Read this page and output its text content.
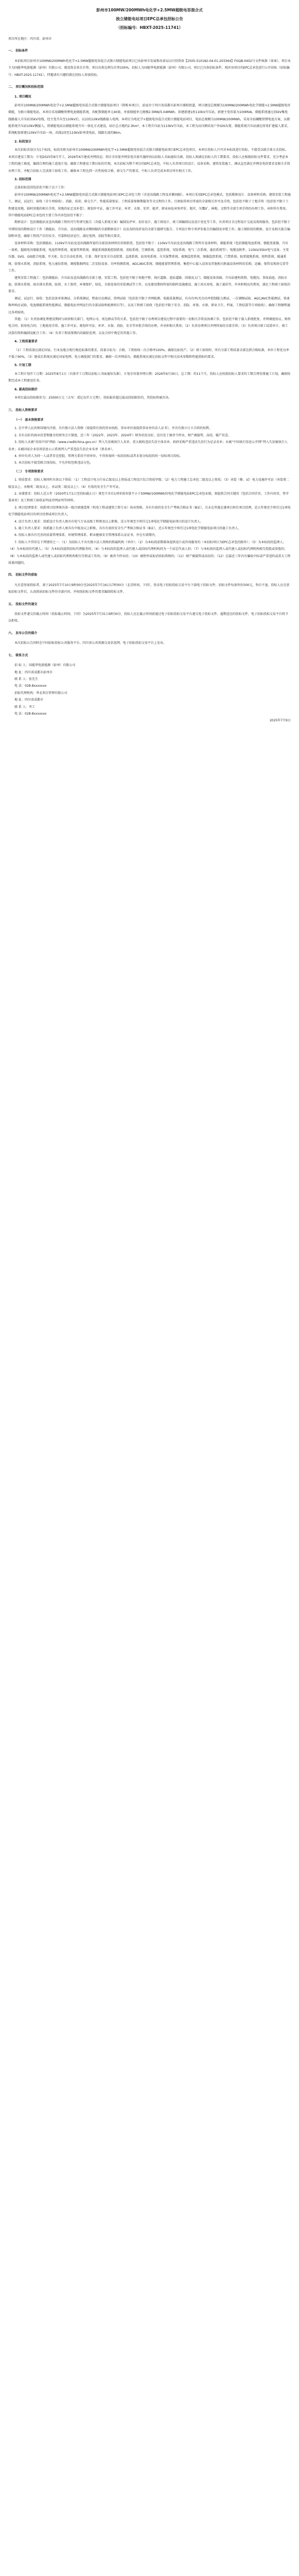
彭州市100MW/200MWh电化学+2.5MW超级电容混合式
独立储能电站项目EPC总承包招标公告
（招标编号：HBXT-2025-11741）

项目所在地区：四川省，彭州市

一、 招标条件

本招标项目彭州市100MW/200MWh电化学+2.5MW超级电容混合式独立储能电站项目已由彭州市发展和改革局以川投资备【2505-510182-04-01-203364】FGQB-0402号文件核准（备案），项目业主为国能华电新能源（彭州）有限公司，建设资金来自自筹，项目出资比例为自筹100%。招标人为国能华电新能源（彭州）有限公司。项目已具备招标条件，现对该项目的EPC总承包进行公开招标（招标编号：HBXT-2025-11741），特邀请有兴趣的潜在投标人参加投标。

二、 项目概况和招标范围

1. 项目概况

彭州市100MW/200MWh电化学+2.5MW超级电容混合式独立储能电站项目（简称本项目），站址位于四川省成都市彭州市濛阳街道，项目建设总规模为100MW/200MWh电化学储能+2.5MW超级电容储能，为独立储能电站，本项目采用磷酸铁锂电池储能系统，共配置储能单元40套，单套储能单元规模2.5MW/5.04MWh。拟建新建1座110kV升压站，新建主变容量为100MVA，储能系统通过35kV集电线路接入升压站35kV母线，经主变升压至110kV后，以1回110kV线路接入电网。本项目为电化学+超级电容混合式独立储能电站项目，电站总规模为100MW/200MWh，采用全站磷酸铁锂电池方案，以储能系统升压站10kV侧接入，将储能电站以储能系统升压一体化方式建设，站区总占地约2.3hm²，本工程升压站为110kV升压站，本工程为高压侧采用户外GIS布置，储能系统升压站满足将来扩建接入要求，系统配套新建110kV升压站一座，出线1回至110kV彭州变电站，线路长度约8km。

2. 标段划分

本次招标共划分为1个标段，标段名称为彭州市100MW/200MWh电化学+2.5MW超级电容混合式独立储能电站项目EPC总承包项目，本项目投标人只可对本标段进行投标，不接受以联合体方式投标。本项目建设工期为：计划2025年8月开工，2026年6月建成并网投运；项目全容量并网发电具体实施时间以招标人书面通知为准，投标人须满足招标人的工期要求。投标人应根据招标文件要求，充分考虑本工程的施工难度，编制合理的施工进度计划，确保工程建设工期目标的实现。本次招标为整个项目的EPC总承包，中标人负责项目的设计、设备采购、建筑安装施工、调试直至满足并网发电的要求及相关手续办理工作，并配合招标人完成竣工验收工作，确保本工程达到一次性验收合格、移交生产的要求，中标人负责完成本项目所有相关工作。

3. 招标范围

总体招标范围包括但不限于以下工作：

彭州市100MW/200MWh电化学+2.5MW超级电容混合式独立储能电站项目EPC总承包工程（含送出线路工程及对侧间隔），本项目采用EPC总承包模式，包括勘察设计、设备材料采购、建筑安装工程施工、调试、试运行、验收（含专项验收）、消缺、培训、移交生产、性能质量保证、工程质量保修期服务等全过程的工作，且须取得项目所需的全部相关许可及手续，包括但不限于土地手续（包括但不限于工程建设用地、临时用地的相关手续、用地的征迁及补偿）、规划许可证、施工许可证、环评、水保、安评、能评、职业病危害预评价、地灾、压覆矿、林地、文物等全部专项手续的办理工作，承担所有费用。其中储能电站EPC总承包的主要工作内容包括但不限于：

勘察设计：包括储能站及送出线路工程的可行性研究报告（含接入系统方案）编制及评审、初步设计、施工图设计、竣工图编制以及设计优化等工作，负责项目全过程设计交底及现场服务，包括但不限于可研阶段的勘察设计工作（储能站、升压站、送出线路及对侧间隔的全部勘察设计）以及各阶段涉及的全部专题研究报告、专项设计和专项评价报告的编制及审批工作；施工图阶段的勘察、设计及相关报告编制和审查，确保工程投产后的安全、可靠和经济运行，满足电网、消防等相关要求。

设备材料采购：包括储能站、110kV升压站及送出线路所需的全部设备材料的采购供货，包括但不限于：110kV升压站及送出线路工程所有设备材料，储能系统（包括储能电池系统、储能变流器、升压一体机、超级电容储能系统、电池管理系统、能量管理系统、储能系统就地控制系统、消防系统、空调系统、监控系统、安防系统、电气二次系统、通信系统等）、电缆及附件、110kV/35kV电气设备、主变压器、SVG、GIS组合电器、开关柜、综合自动化系统、计量、保护及安全自动装置、直流系统、站用电系统、火灾报警系统、视频监控系统、图像监控系统、门禁系统、防雷接地系统、照明系统、暖通系统、给排水系统、消防系统、电力通信系统、调度数据网及二次安防设备、功率预测系统、AGC/AVC系统、储能能量管理系统、集控中心接入设备及其他相关附属设备材料的采购、运输、保管及现场交货等工作。

建筑安装工程施工：包括储能站、升压站及送出线路的全部土建、安装工程，包括但不限于场地平整、场区道路、进站道路、围墙及大门、储能设备基础、升压站建构筑物、电缆沟、事故油池、消防水池、给排水系统、雨水排水系统、防洪、水土保持、环境保护、绿化、全部设备的安装调试等工作，以及建设期间所需的临时设施建设、施工用水用电、施工通信等，并承担相应的费用，满足工程竣工验收的要求。

调试、试运行、验收：包括设备单体调试、分系统调试、整套启动调试、涉网试验（包括但不限于并网检测、电能质量测试、有功功率/无功功率控制能力测试、一次调频试验、AGC/AVC性能测试、快速频率响应试验、电池储能系统性能测试、储能电站并网运行的全部试验和检测项目等），以及工程竣工验收（包括但不限于安全、消防、环保、水保、职业卫生、档案、工程结算等专项验收），确保工程顺利通过各项验收。

其他：（1）负责协调处理建设期间与政府相关部门、电网公司、周边群众等的关系，包括但不限于办理项目建设过程中需要的一切相关手续及协调工作，包括但不限于接入系统批复、并网调度协议、购售电合同、供用电合同、土地使用手续、施工许可证、规划许可证、环评、水保、消防、安全等审批手续的办理，并承担相关费用；（2）负责办理项目并网所需的全部手续；（3）负责项目竣工结算审计、竣工决算的资料编制及配合工作；（4）负责工程质保期内的缺陷处理，以及合同中规定的其他工作。

4. 工程质量要求

（1）工程质量应满足国家、行业及地方现行规范标准的要求，质量目标为：合格，工程验收一次合格率100%，确保达标投产。（2）竣工验收时，所有分部工程质量全部达到合格标准，单位工程优良率不低于90%。（3）建成后系统应满足国家电网、电力调度部门的要求，确保一次并网成功，储能系统应满足招标文件中相关技术参数和性能指标的要求。

5. 计划工期

本工程计划开工日期：2025年8月1日（具体开工日期以招标人书面通知为准），计划全容量并网日期：2026年6月30日，总工期：约11个月。投标人应按照招标人要求的工期合理安排施工计划，确保按期完成本工程建设任务。

6. 最高投标限价

本项目最高投标限价为：25000万元（大写：贰亿伍仟万元整），投标报价超过最高投标限价的，其投标将被否决。

三、 投标人资格要求

（一） 基本资格要求

1. 在中华人民共和国境内注册，具有独立法人资格（需提供有效的营业执照，事业单位需提供事业单位法人证书），并具有独立订立合同的权利。

2. 具有良好的商业信誉和健全的财务会计制度，近三年（2022年、2023年、2024年）财务状况良好，没有处于被责令停业，财产被接管、冻结，破产状态。

3. 投标人未被“信用中国”网站（www.creditchina.gov.cn）列入失信被执行人名单、重大税收违法失信主体名单、政府采购严重违法失信行为记录名单；未被“中国执行信息公开网”列入失信被执行人名单；未被国家企业信用信息公示系统列入严重违法失信企业名单（黑名单）。

4. 单位负责人为同一人或者存在控股、管理关系的不同单位，不得参加同一标段投标或者未划分标段的同一招标项目投标。

5. 本次招标不接受联合体投标，不允许转包和违法分包。

（二） 专项资格要求

1. 资质要求：投标人须同时具备以下资质：（1）工程设计电力行业乙级及以上资质或工程设计综合资质甲级；（2）电力工程施工总承包二级及以上资质；（3）承装（修、试）电力设施许可证（承装类二级及以上、承修类二级及以上、承试类二级及以上）；（4）有效的安全生产许可证。

2. 业绩要求：投标人近五年（2020年1月1日至投标截止日）须至少具有1项单体容量不小于50MW/100MWh的电化学储能电站EPC总承包业绩，须提供合同关键页（包括合同首页、工作内容页、签字盖章页）及工程竣工验收证明或并网证明等材料。

3. 项目经理要求：拟派项目经理须具备一级注册建造师（机电工程或建筑工程专业）执业资格，具有有效的安全生产考核合格证书（B证），且未在其他在建项目担任项目经理，近五年须至少担任过1项电化学储能电站项目的项目经理或项目负责人。

4. 设计负责人要求：拟派设计负责人须具有电气专业高级工程师及以上职称，近五年须至少担任过1项电化学储能电站项目的设计负责人。

5. 施工负责人要求：拟派施工负责人须具有中级及以上职称，具有有效的安全生产考核合格证书（B证），近五年须至少担任过1项电化学储能电站项目的施工负责人。

6. 投标人须具有完善的质量管理体系、环境管理体系、职业健康安全管理体系认证证书，并在有效期内。

7. 投标人不得存在下列情形之一：（1）为招标人不具有独立法人资格的附属机构（单位）；（2）为本标段前期准备提供设计或咨询服务的（本招标项目为EPC总承包的除外）；（3）为本标段的监理人；（4）为本标段的代建人；（5）为本标段提供招标代理服务的；（6）与本标段的监理人或代建人或招标代理机构同为一个法定代表人的；（7）与本标段的监理人或代建人或招标代理机构相互控股或参股的；（8）与本标段的监理人或代建人或招标代理机构相互任职或工作的；（9）被责令停业的；（10）被暂停或取消投标资格的；（11）财产被接管或冻结的；（12）在最近三年内有骗取中标或严重违约或重大工程质量问题的。

四、 招标文件的获取

凡有意参加投标者，请于2025年7月10日9时00分至2025年7月16日17时00分（北京时间，下同），登录电子招标投标交易平台下载电子招标文件。招标文件每套售价500元，售后不退。投标人应在获取招标文件后，认真阅读招标文件的全部内容，并按照招标文件的要求编制投标文件。

五、 投标文件的递交

投标文件递交的截止时间（投标截止时间，下同）为2025年7月31日9时30分，投标人应在截止时间前通过电子招标投标交易平台递交电子投标文件。逾期送达的投标文件，电子招标投标交易平台将予以拒收。

六、 发布公告的媒介

本次招标公告同时在中国招标投标公共服务平台、四川省公共资源交易信息网、电子招标投标交易平台上发布。

七、 联系方式

招 标 人：国能华电新能源（彭州）有限公司

地 址：四川省成都市彭州市

联 系 人：张先生

电 话：028-8xxxxxxx

招标代理机构：华北项目管理有限公司

地 址：四川省成都市

联 系 人：李工

电 话：028-8xxxxxxx

2025年7月9日
